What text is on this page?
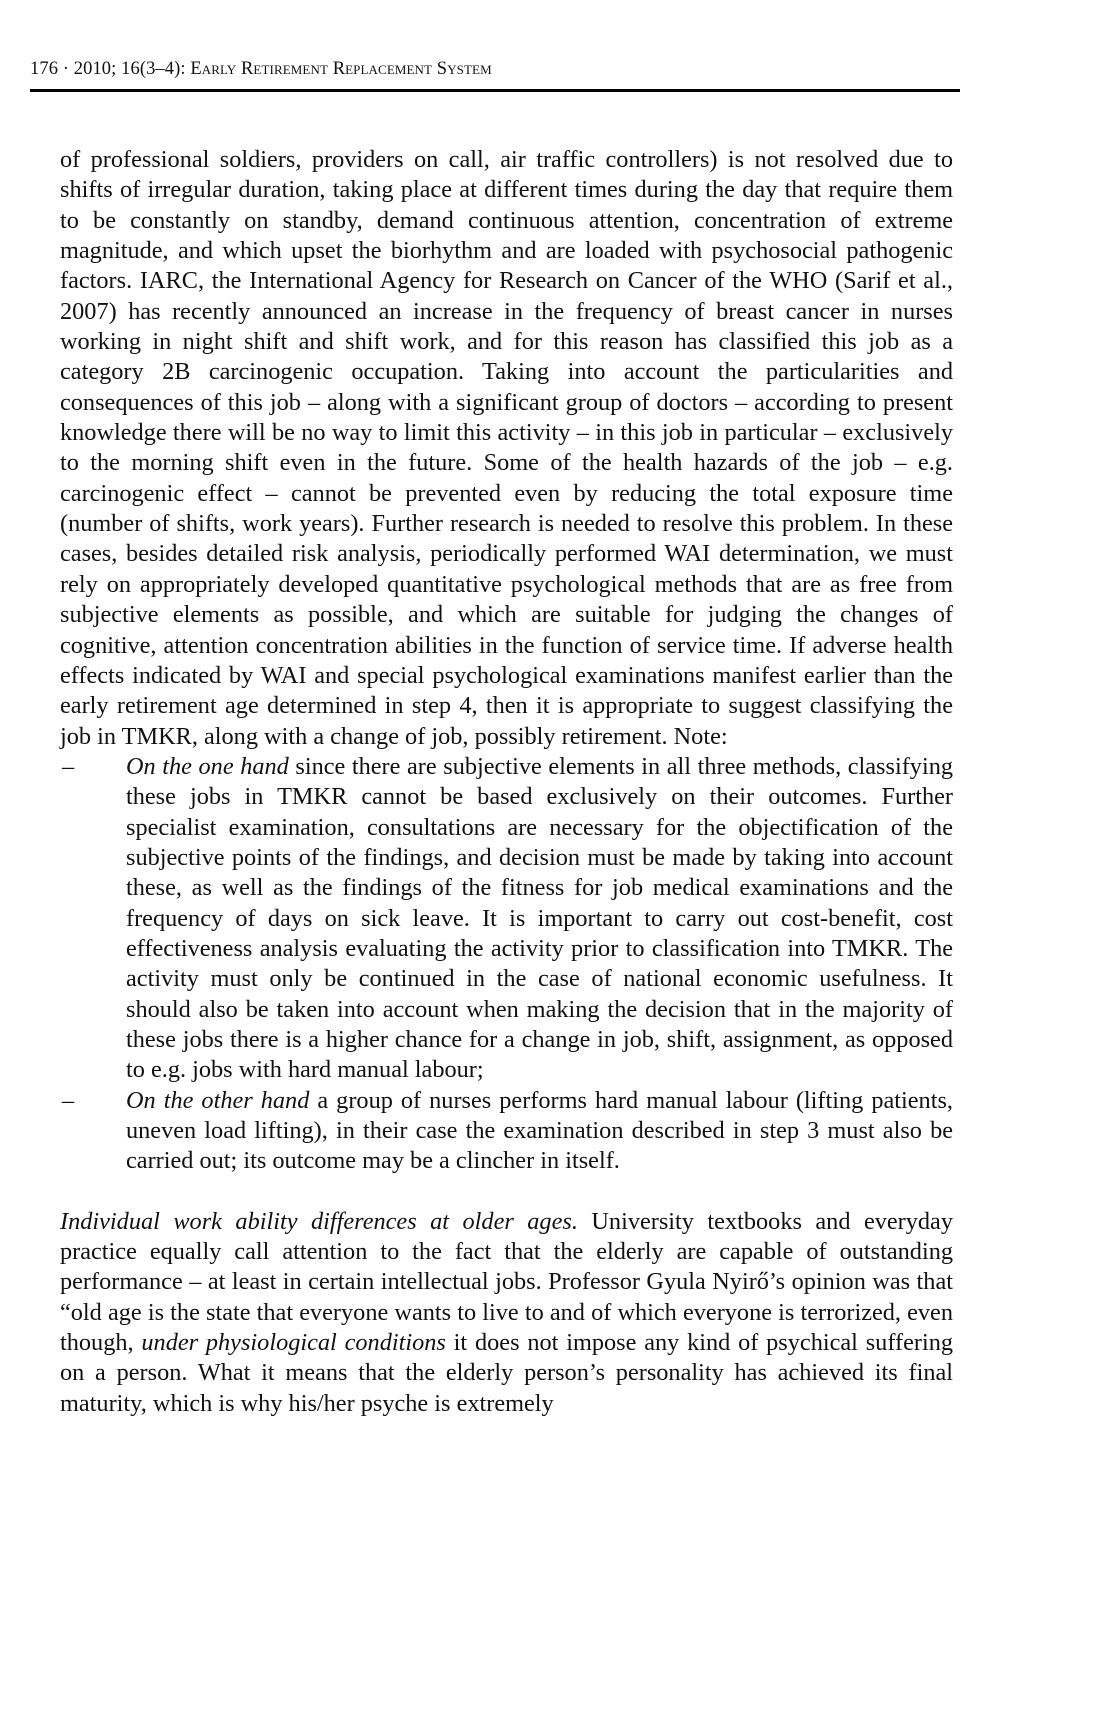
176 · 2010; 16(3–4): Early Retirement Replacement System

of professional soldiers, providers on call, air traffic controllers) is not resolved due to shifts of irregular duration, taking place at different times during the day that require them to be constantly on standby, demand continuous attention, concentration of extreme magnitude, and which upset the biorhythm and are loaded with psychosocial pathogenic factors. IARC, the International Agency for Research on Cancer of the WHO (Sarif et al., 2007) has recently announced an increase in the frequency of breast cancer in nurses working in night shift and shift work, and for this reason has classified this job as a category 2B carcinogenic occupation. Taking into account the particularities and consequences of this job – along with a significant group of doctors – according to present knowledge there will be no way to limit this activity – in this job in particular – exclusively to the morning shift even in the future. Some of the health hazards of the job – e.g. carcinogenic effect – cannot be prevented even by reducing the total exposure time (number of shifts, work years). Further research is needed to resolve this problem. In these cases, besides detailed risk analysis, periodically performed WAI determination, we must rely on appropriately developed quantitative psychological methods that are as free from subjective elements as possible, and which are suitable for judging the changes of cognitive, attention concentration abilities in the function of service time. If adverse health effects indicated by WAI and special psychological examinations manifest earlier than the early retirement age determined in step 4, then it is appropriate to suggest classifying the job in TMKR, along with a change of job, possibly retirement. Note:

– On the one hand since there are subjective elements in all three methods, classifying these jobs in TMKR cannot be based exclusively on their outcomes. Further specialist examination, consultations are necessary for the objectification of the subjective points of the findings, and decision must be made by taking into account these, as well as the findings of the fitness for job medical examinations and the frequency of days on sick leave. It is important to carry out cost-benefit, cost effectiveness analysis evaluating the activity prior to classification into TMKR. The activity must only be continued in the case of national economic usefulness. It should also be taken into account when making the decision that in the majority of these jobs there is a higher chance for a change in job, shift, assignment, as opposed to e.g. jobs with hard manual labour;
– On the other hand a group of nurses performs hard manual labour (lifting patients, uneven load lifting), in their case the examination described in step 3 must also be carried out; its outcome may be a clincher in itself.

Individual work ability differences at older ages. University textbooks and everyday practice equally call attention to the fact that the elderly are capable of outstanding performance – at least in certain intellectual jobs. Professor Gyula Nyirő’s opinion was that “old age is the state that everyone wants to live to and of which everyone is terrorized, even though, under physiological conditions it does not impose any kind of psychical suffering on a person. What it means that the elderly person’s personality has achieved its final maturity, which is why his/her psyche is extremely
